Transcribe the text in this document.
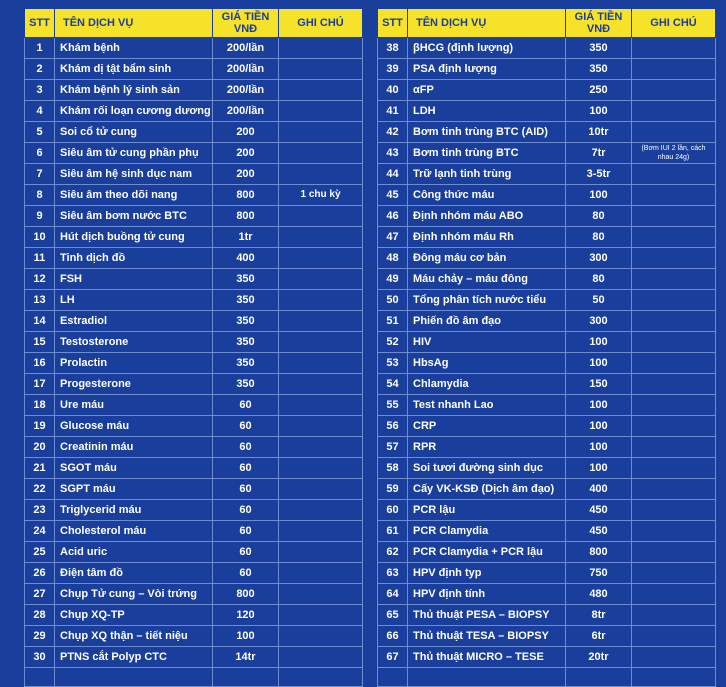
STT	TÊN DỊCH VỤ	GIÁ TIỀN VNĐ	GHI CHÚ
1	Khám bệnh	200/lần	
2	Khám dị tật bẩm sinh	200/lần	
3	Khám bệnh lý sinh sản	200/lần	
4	Khám rối loạn cương dương	200/lần	
5	Soi cổ tử cung	200	
6	Siêu âm tử cung phần phụ	200	
7	Siêu âm hệ sinh dục nam	200	
8	Siêu âm theo dõi nang	800	1 chu kỳ
9	Siêu âm bơm nước BTC	800	
10	Hút dịch buồng tử cung	1tr	
11	Tinh dịch đồ	400	
12	FSH	350	
13	LH	350	
14	Estradiol	350	
15	Testosterone	350	
16	Prolactin	350	
17	Progesterone	350	
18	Ure máu	60	
19	Glucose máu	60	
20	Creatinin máu	60	
21	SGOT máu	60	
22	SGPT máu	60	
23	Triglycerid máu	60	
24	Cholesterol máu	60	
25	Acid uric	60	
26	Điện tâm đồ	60	
27	Chụp Tử cung – Vòi trứng	800	
28	Chụp XQ-TP	120	
29	Chụp XQ thận – tiết niệu	100	
30	PTNS cắt Polyp CTC	14tr	

STT	TÊN DỊCH VỤ	GIÁ TIỀN VNĐ	GHI CHÚ
38	βHCG (định lượng)	350	
39	PSA định lượng	350	
40	αFP	250	
41	LDH	100	
42	Bơm tinh trùng BTC (AID)	10tr	
43	Bơm tinh trùng BTC	7tr	(Bơm IUI 2 lần, cách nhau 24g)
44	Trữ lạnh tinh trùng	3-5tr	
45	Công thức máu	100	
46	Định nhóm máu ABO	80	
47	Định nhóm máu Rh	80	
48	Đông máu cơ bản	300	
49	Máu chảy – máu đông	80	
50	Tổng phân tích nước tiểu	50	
51	Phiến đồ âm đạo	300	
52	HIV	100	
53	HbsAg	100	
54	Chlamydia	150	
55	Test nhanh Lao	100	
56	CRP	100	
57	RPR	100	
58	Soi tươi đường sinh dục	100	
59	Cấy VK-KSĐ (Dịch âm đạo)	400	
60	PCR lậu	450	
61	PCR Clamydia	450	
62	PCR Clamydia + PCR lậu	800	
63	HPV định typ	750	
64	HPV định tính	480	
65	Thủ thuật PESA – BIOPSY	8tr	
66	Thủ thuật TESA – BIOPSY	6tr	
67	Thủ thuật MICRO – TESE	20tr	
